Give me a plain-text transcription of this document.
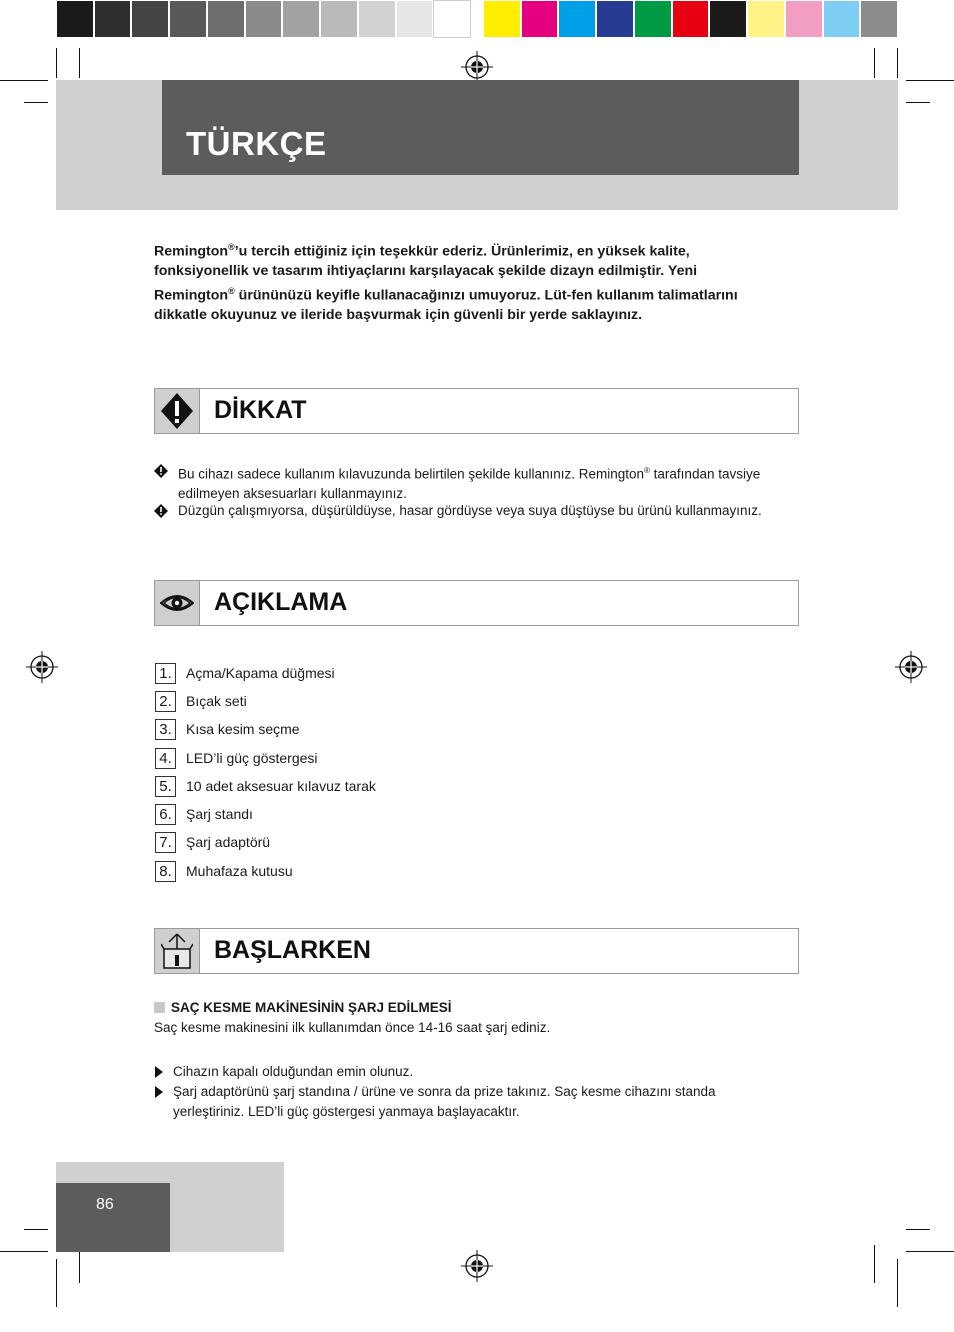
TÜRKÇE
Remington®’u tercih ettiğiniz için teşekkür ederiz. Ürünlerimiz, en yüksek kalite, fonksiyonellik ve tasarım ihtiyaçlarını karşılayacak şekilde dizayn edilmiştir. Yeni Remington® ürününüzü keyifle kullanacağınızı umuyoruz. Lüt-fen kullanım talimatlarını dikkatle okuyunuz ve ileride başvurmak için güvenli bir yerde saklayınız.
DİKKAT
Bu cihazı sadece kullanım kılavuzunda belirtilen şekilde kullanınız. Remington® tarafından tavsiye edilmeyen aksesuarları kullanmayınız.
Düzgün çalışmıyorsa, düşürüldüyse, hasar gördüyse veya suya düştüyse bu ürünü kullanmayınız.
AÇIKLAMA
1.	Açma/Kapama düğmesi
2.	Bıçak seti
3.	Kısa kesim seçme
4.	LED’li güç göstergesi
5.	10 adet aksesuar kılavuz tarak
6.	Şarj standı
7.	Şarj adaptörü
8.	Muhafaza kutusu
BAŞLARKEN
SAÇ KESME MAKİNESİNİN ŞARJ EDİLMESİ
Saç kesme makinesini ilk kullanımdan önce 14-16 saat şarj ediniz.
Cihazın kapalı olduğundan emin olunuz.
Şarj adaptörünü şarj standına / ürüne ve sonra da prize takınız. Saç kesme cihazını standa yerleştiriniz. LED’li güç göstergesi yanmaya başlayacaktır.
86
